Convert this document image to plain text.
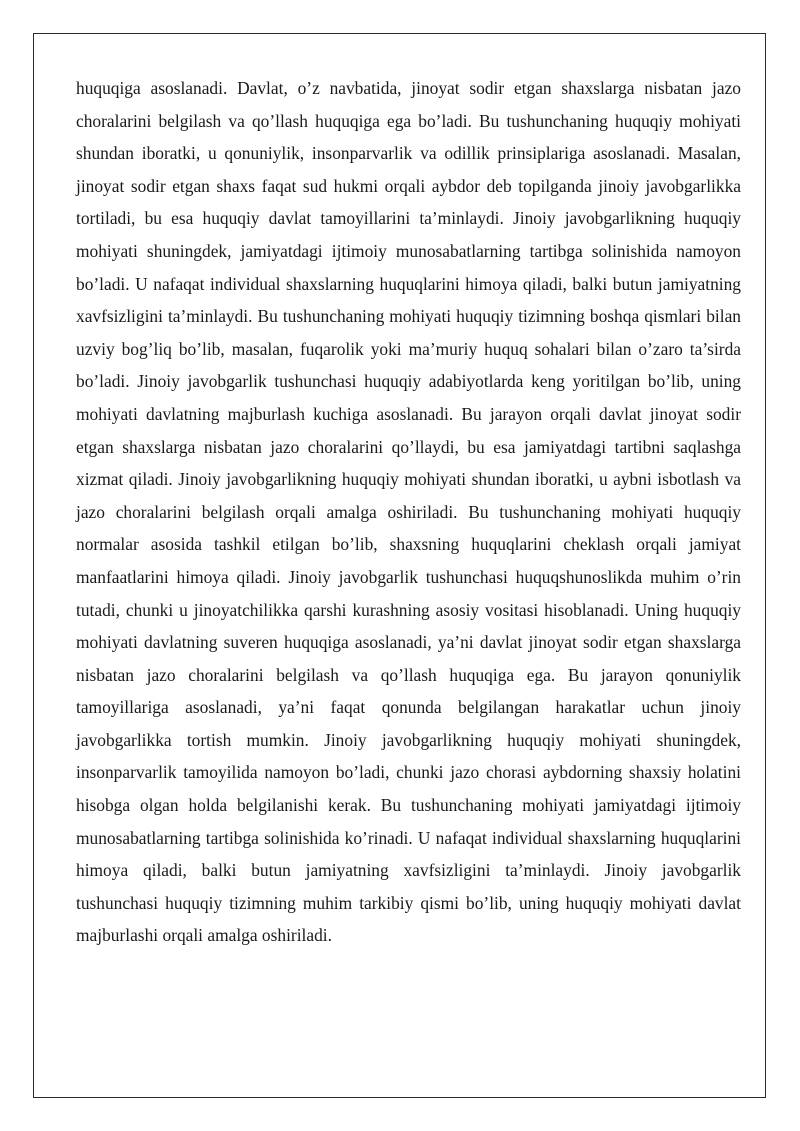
huquqiga asoslanadi. Davlat, o’z navbatida, jinoyat sodir etgan shaxslarga nisbatan jazo choralarini belgilash va qo’llash huquqiga ega bo’ladi. Bu tushunchaning huquqiy mohiyati shundan iboratki, u qonuniylik, insonparvarlik va odillik prinsiplariga asoslanadi. Masalan, jinoyat sodir etgan shaxs faqat sud hukmi orqali aybdor deb topilganda jinoiy javobgarlikka tortiladi, bu esa huquqiy davlat tamoyillarini ta’minlaydi. Jinoiy javobgarlikning huquqiy mohiyati shuningdek, jamiyatdagi ijtimoiy munosabatlarning tartibga solinishida namoyon bo’ladi. U nafaqat individual shaxslarning huquqlarini himoya qiladi, balki butun jamiyatning xavfsizligini ta’minlaydi. Bu tushunchaning mohiyati huquqiy tizimning boshqa qismlari bilan uzviy bog’liq bo’lib, masalan, fuqarolik yoki ma’muriy huquq sohalari bilan o’zaro ta’sirda bo’ladi. Jinoiy javobgarlik tushunchasi huquqiy adabiyotlarda keng yoritilgan bo’lib, uning mohiyati davlatning majburlash kuchiga asoslanadi. Bu jarayon orqali davlat jinoyat sodir etgan shaxslarga nisbatan jazo choralarini qo’llaydi, bu esa jamiyatdagi tartibni saqlashga xizmat qiladi. Jinoiy javobgarlikning huquqiy mohiyati shundan iboratki, u aybni isbotlash va jazo choralarini belgilash orqali amalga oshiriladi. Bu tushunchaning mohiyati huquqiy normalar asosida tashkil etilgan bo’lib, shaxsning huquqlarini cheklash orqali jamiyat manfaatlarini himoya qiladi. Jinoiy javobgarlik tushunchasi huquqshunoslikda muhim o’rin tutadi, chunki u jinoyatchilikka qarshi kurashning asosiy vositasi hisoblanadi. Uning huquqiy mohiyati davlatning suveren huquqiga asoslanadi, ya’ni davlat jinoyat sodir etgan shaxslarga nisbatan jazo choralarini belgilash va qo’llash huquqiga ega. Bu jarayon qonuniylik tamoyillariga asoslanadi, ya’ni faqat qonunda belgilangan harakatlar uchun jinoiy javobgarlikka tortish mumkin. Jinoiy javobgarlikning huquqiy mohiyati shuningdek, insonparvarlik tamoyilida namoyon bo’ladi, chunki jazo chorasi aybdorning shaxsiy holatini hisobga olgan holda belgilanishi kerak. Bu tushunchaning mohiyati jamiyatdagi ijtimoiy munosabatlarning tartibga solinishida ko’rinadi. U nafaqat individual shaxslarning huquqlarini himoya qiladi, balki butun jamiyatning xavfsizligini ta’minlaydi. Jinoiy javobgarlik tushunchasi huquqiy tizimning muhim tarkibiy qismi bo’lib, uning huquqiy mohiyati davlat majburlashi orqali amalga oshiriladi.
